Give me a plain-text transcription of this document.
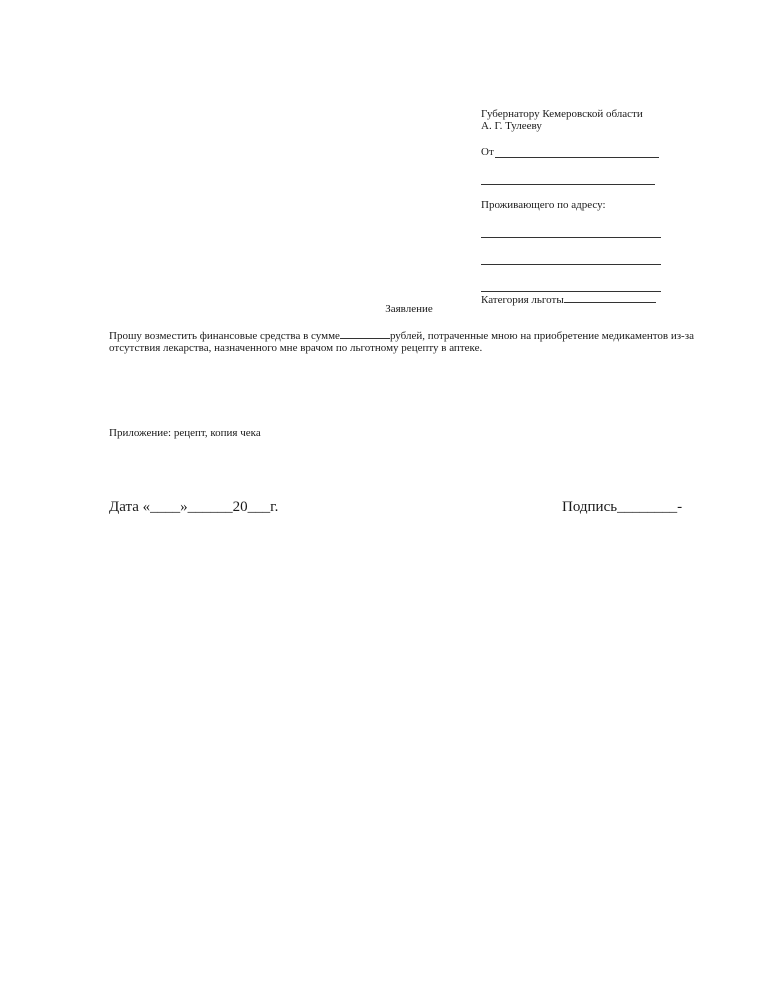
Губернатору Кемеровской области
А. Г. Тулееву
От
Проживающего по адресу:
Категория льготы
Заявление
Прошу возместить финансовые средства в сумме	рублей, потраченные мною на приобретение медикаментов из-за отсутствия лекарства, назначенного мне врачом по льготному рецепту в аптеке.
Приложение: рецепт, копия чека
Дата «____»______20___г.	Подпись________-
